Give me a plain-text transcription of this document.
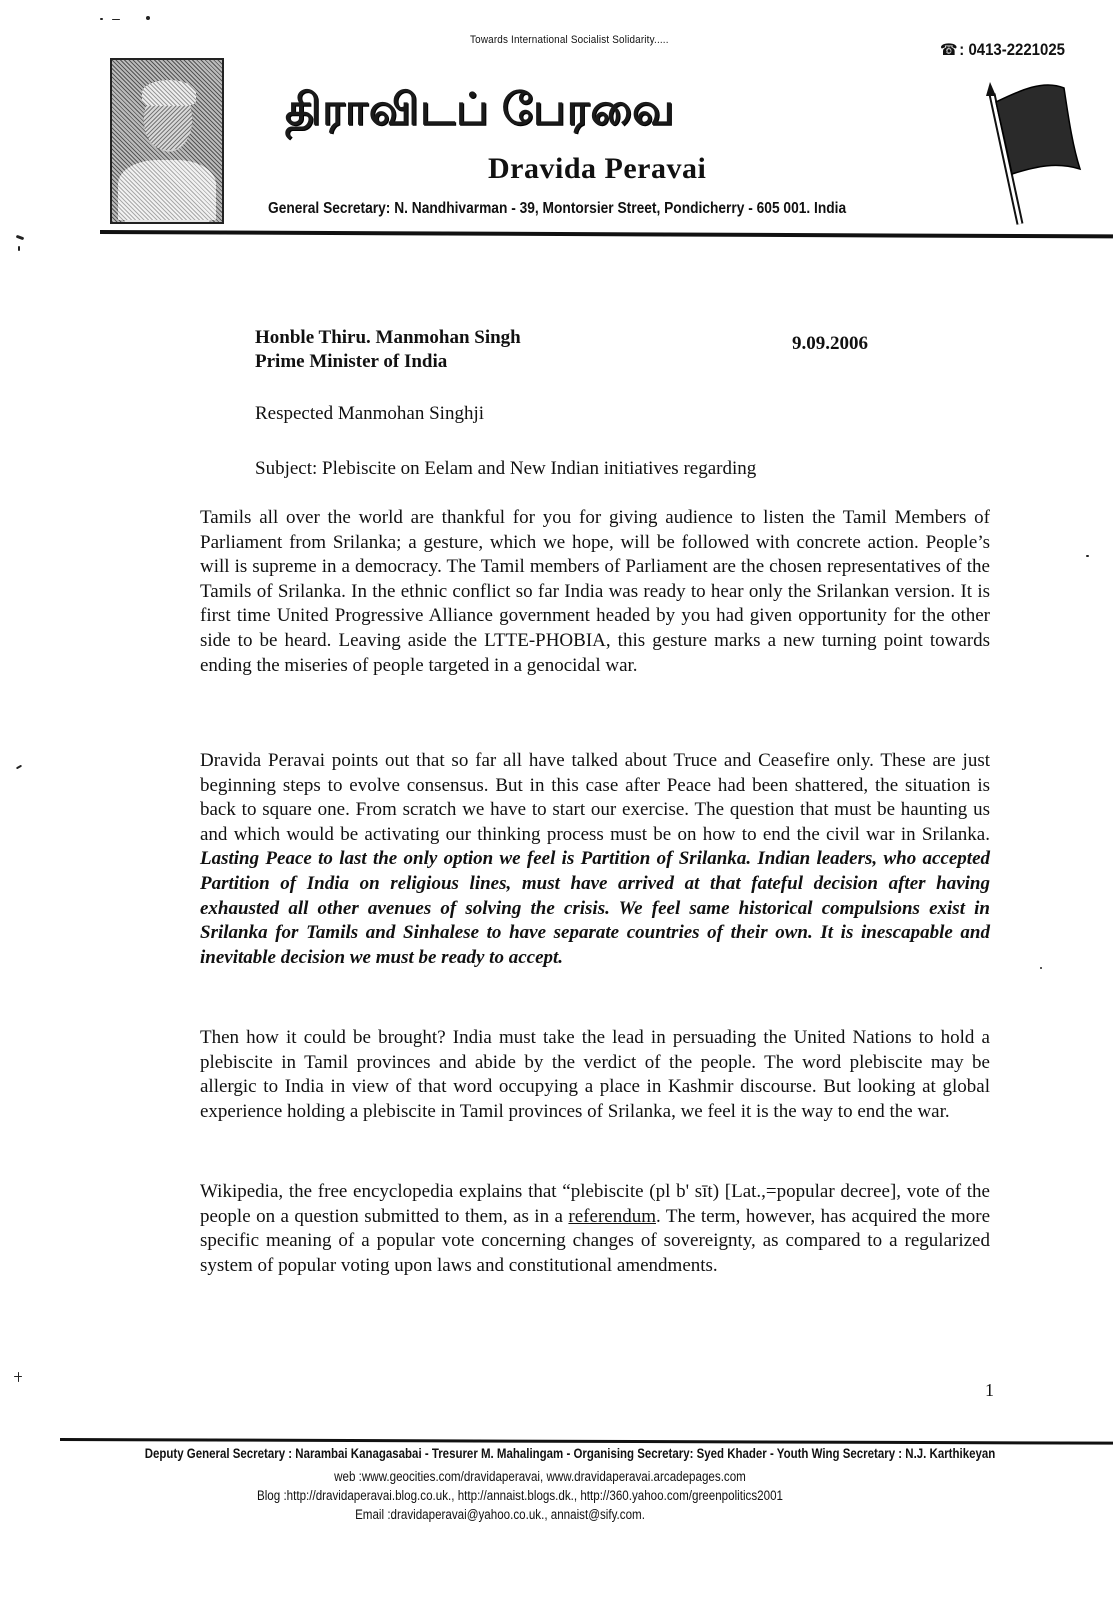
Towards International Socialist Solidarity.....
☎ : 0413-2221025
திராவிடப் பேரவை
Dravida Peravai
General Secretary: N. Nandhivarman - 39, Montorsier Street, Pondicherry - 605 001. India
Honble Thiru. Manmohan Singh
Prime Minister of India
9.09.2006
Respected Manmohan Singhji
Subject: Plebiscite on Eelam and New Indian initiatives regarding
Tamils all over the world are thankful for you for giving audience to listen the Tamil Members of Parliament from Srilanka; a gesture, which we hope, will be followed with concrete action. People’s will is supreme in a democracy. The Tamil members of Parliament are the chosen representatives of the Tamils of Srilanka. In the ethnic conflict so far India was ready to hear only the Srilankan version. It is first time United Progressive Alliance government headed by you had given opportunity for the other side to be heard. Leaving aside the LTTE-PHOBIA, this gesture marks a new turning point towards ending the miseries of people targeted in a genocidal war.
Dravida Peravai points out that so far all have talked about Truce and Ceasefire only. These are just beginning steps to evolve consensus. But in this case after Peace had been shattered, the situation is back to square one. From scratch we have to start our exercise. The question that must be haunting us and which would be activating our thinking process must be on how to end the civil war in Srilanka. Lasting Peace to last the only option we feel is Partition of Srilanka. Indian leaders, who accepted Partition of India on religious lines, must have arrived at that fateful decision after having exhausted all other avenues of solving the crisis. We feel same historical compulsions exist in Srilanka for Tamils and Sinhalese to have separate countries of their own. It is inescapable and inevitable decision we must be ready to accept.
Then how it could be brought? India must take the lead in persuading the United Nations to hold a plebiscite in Tamil provinces and abide by the verdict of the people. The word plebiscite may be allergic to India in view of that word occupying a place in Kashmir discourse. But looking at global experience holding a plebiscite in Tamil provinces of Srilanka, we feel it is the way to end the war.
Wikipedia, the free encyclopedia explains that “plebiscite (pl b' sīt) [Lat.,=popular decree], vote of the people on a question submitted to them, as in a referendum. The term, however, has acquired the more specific meaning of a popular vote concerning changes of sovereignty, as compared to a regularized system of popular voting upon laws and constitutional amendments.
1
Deputy General Secretary : Narambai Kanagasabai - Tresurer M. Mahalingam - Organising Secretary: Syed Khader - Youth Wing Secretary : N.J. Karthikeyan
web :www.geocities.com/dravidaperavai, www.dravidaperavai.arcadepages.com
Blog :http://dravidaperavai.blog.co.uk., http://annaist.blogs.dk., http://360.yahoo.com/greenpolitics2001
Email :dravidaperavai@yahoo.co.uk., annaist@sify.com.
